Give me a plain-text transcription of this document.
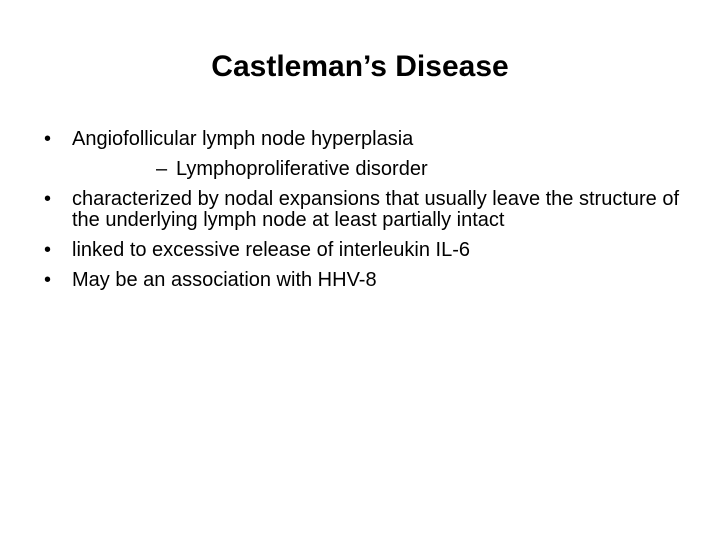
Castleman’s Disease
•	Angiofollicular lymph node hyperplasia
– Lymphoproliferative disorder
•	characterized by nodal expansions that usually leave the structure of the underlying lymph node at least partially intact
•	linked to excessive release of interleukin IL-6
•	May be an association with HHV-8
